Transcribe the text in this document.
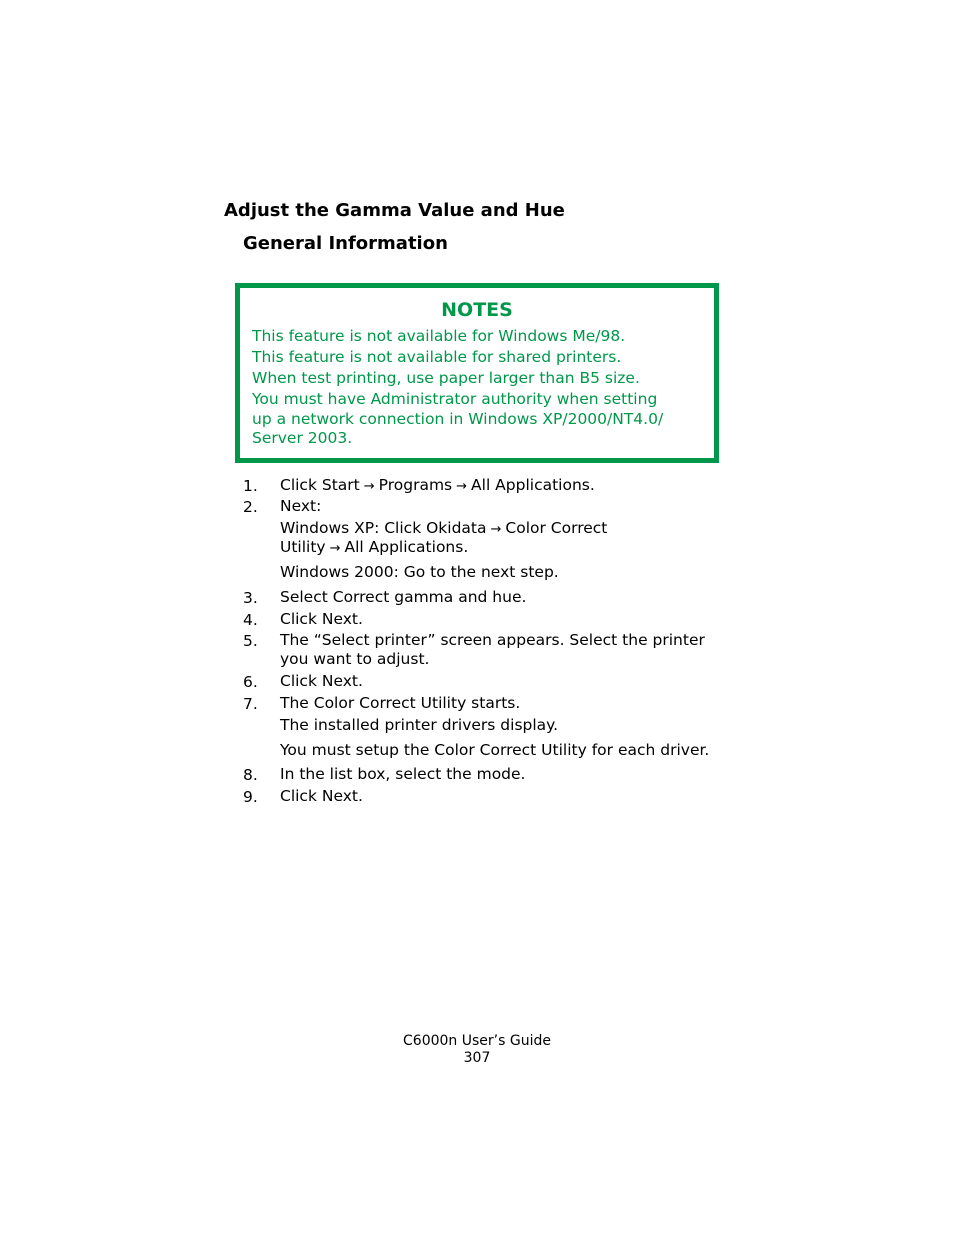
Adjust the Gamma Value and Hue
General Information
NOTES
This feature is not available for Windows Me/98.
This feature is not available for shared printers.
When test printing, use paper larger than B5 size.
You must have Administrator authority when setting
up a network connection in Windows XP/2000/NT4.0/
Server 2003.
1. Click Start → Programs → All Applications.
2. Next:
Windows XP: Click Okidata → Color Correct
Utility → All Applications.
Windows 2000: Go to the next step.
3. Select Correct gamma and hue.
4. Click Next.
5. The “Select printer” screen appears. Select the printer
you want to adjust.
6. Click Next.
7. The Color Correct Utility starts.
The installed printer drivers display.
You must setup the Color Correct Utility for each driver.
8. In the list box, select the mode.
9. Click Next.
C6000n User’s Guide
307
